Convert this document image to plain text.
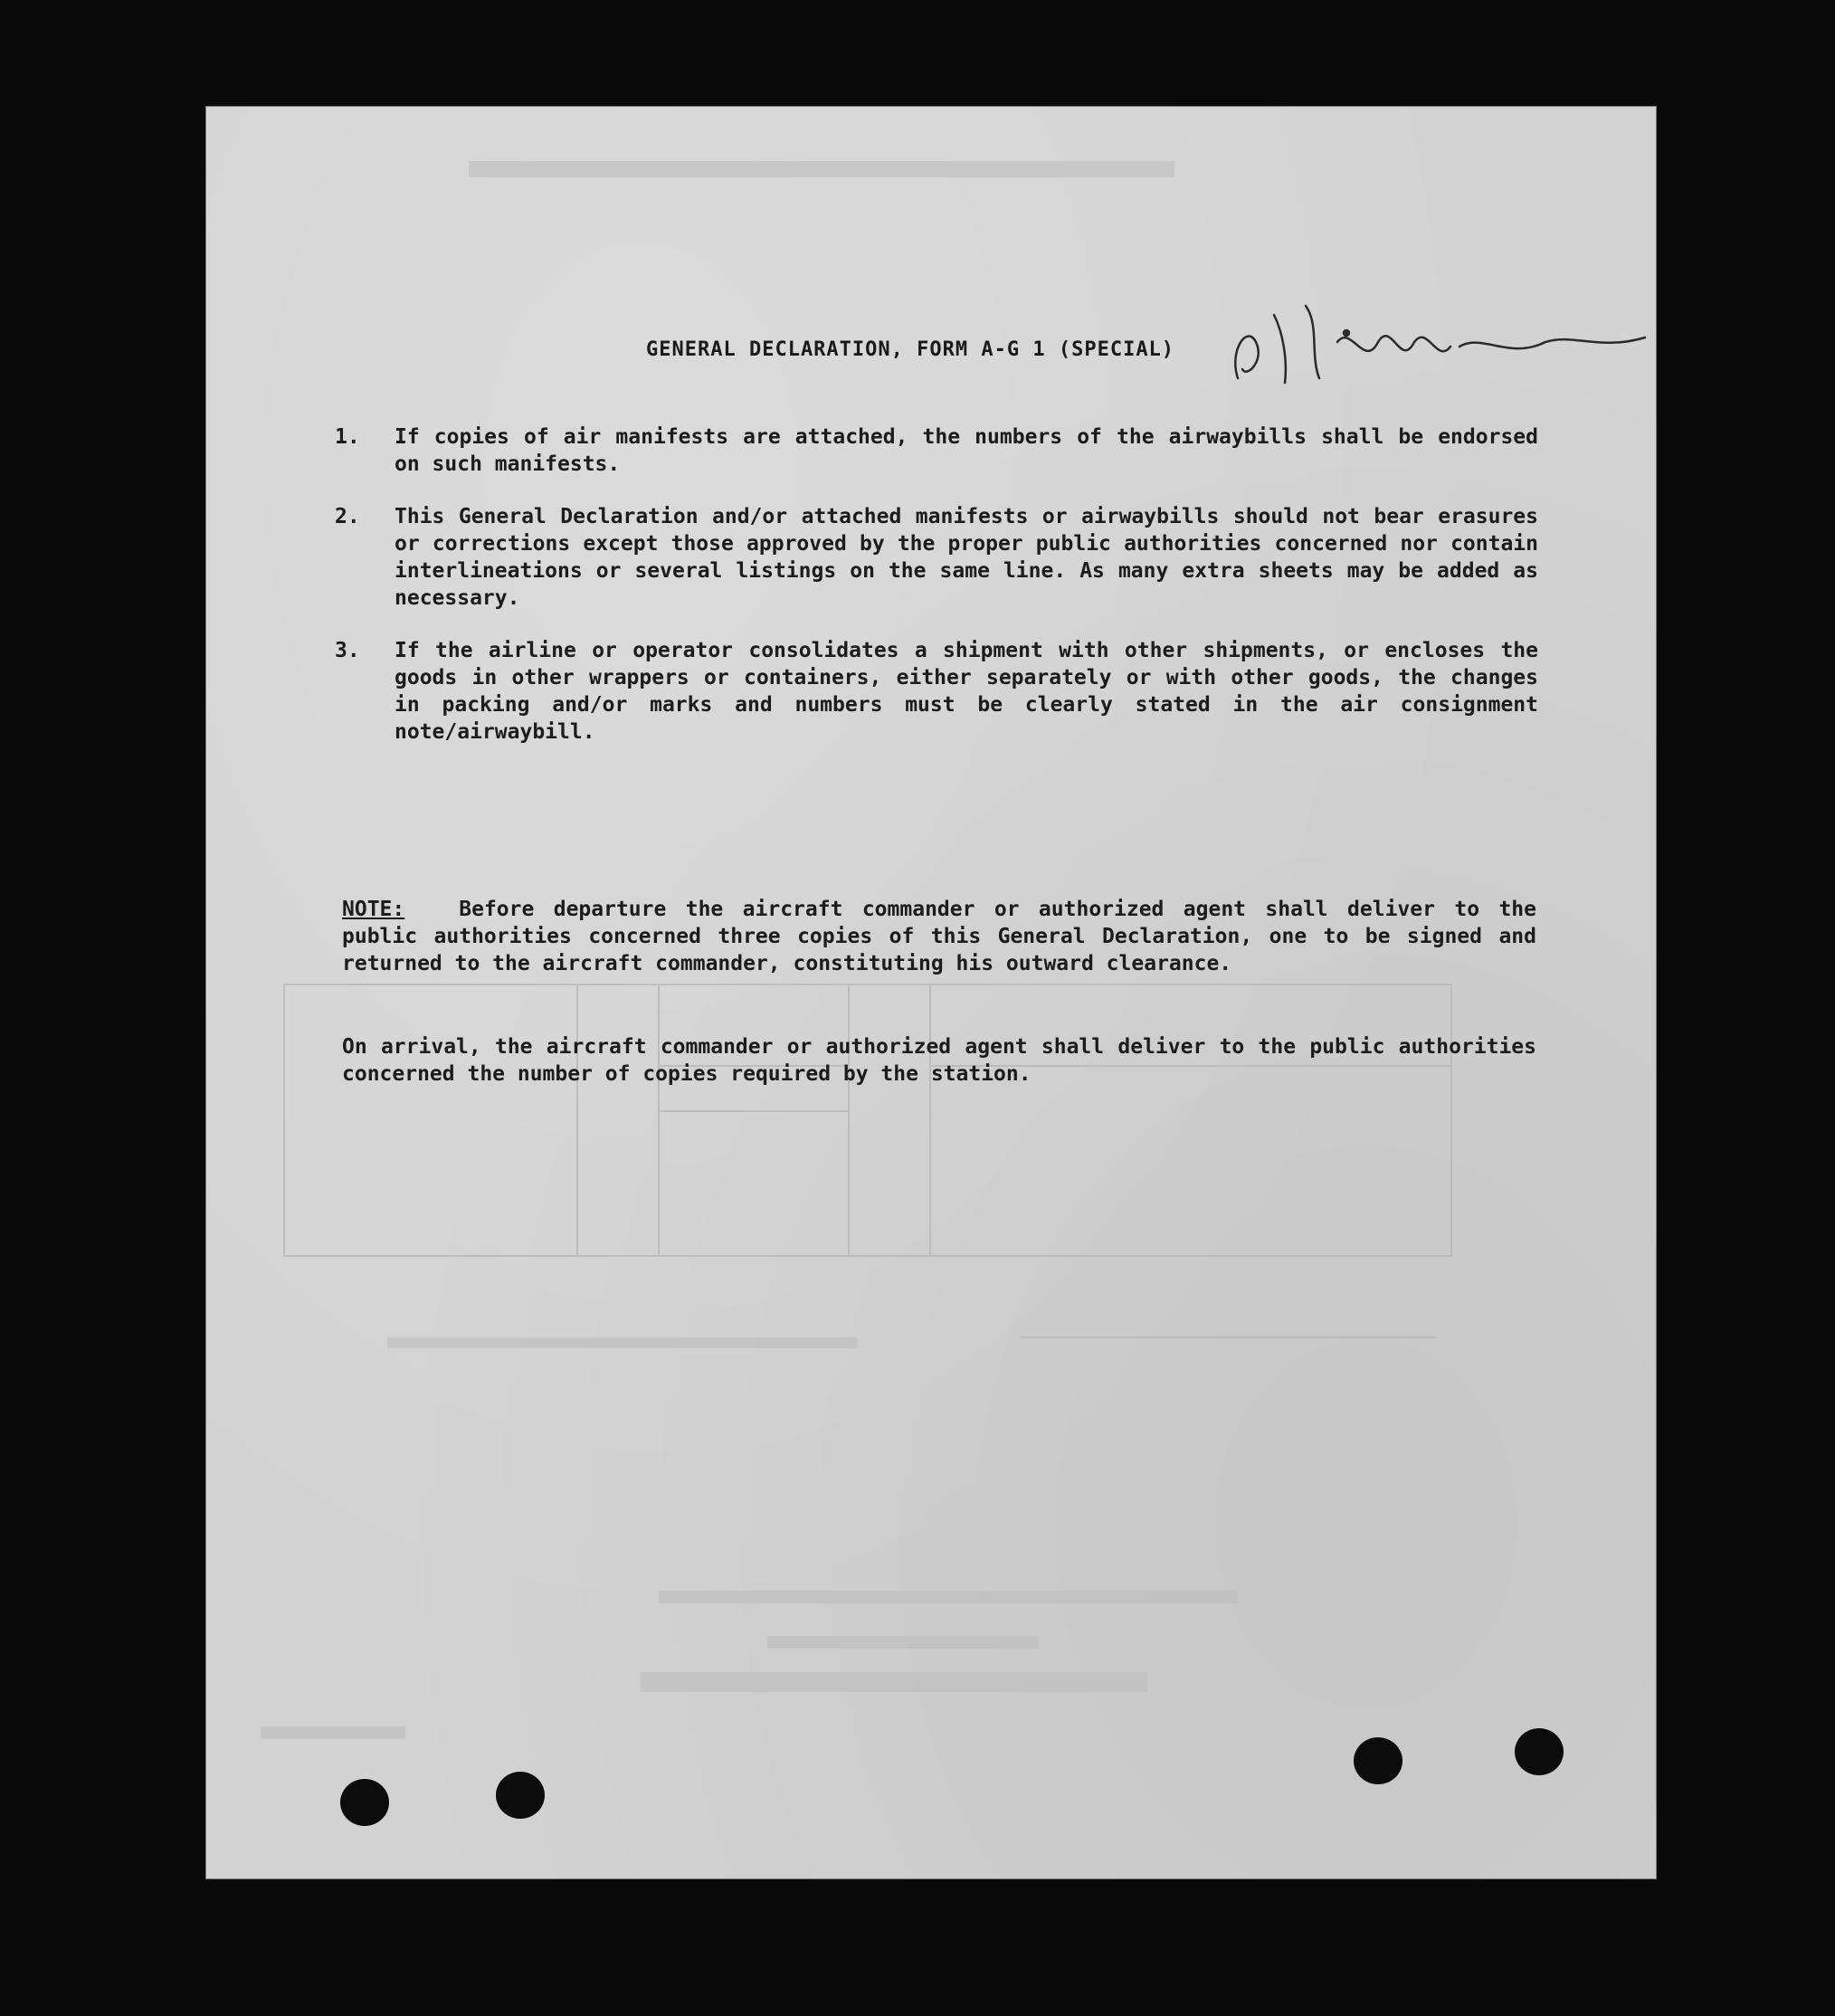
GENERAL DECLARATION, FORM A-G 1 (SPECIAL)
1. If copies of air manifests are attached, the numbers of the airwaybills shall be endorsed on such manifests.
2. This General Declaration and/or attached manifests or airwaybills should not bear erasures or corrections except those approved by the proper public authorities concerned nor contain interlineations or several listings on the same line. As many extra sheets may be added as necessary.
3. If the airline or operator consolidates a shipment with other shipments, or encloses the goods in other wrappers or containers, either separately or with other goods, the changes in packing and/or marks and numbers must be clearly stated in the air consignment note/airwaybill.

NOTE:	Before departure the aircraft commander or authorized agent shall deliver to the public authorities concerned three copies of this General Declaration, one to be signed and returned to the aircraft commander, constituting his outward clearance.

On arrival, the aircraft commander or authorized agent shall deliver to the public authorities concerned the number of copies required by the station.
